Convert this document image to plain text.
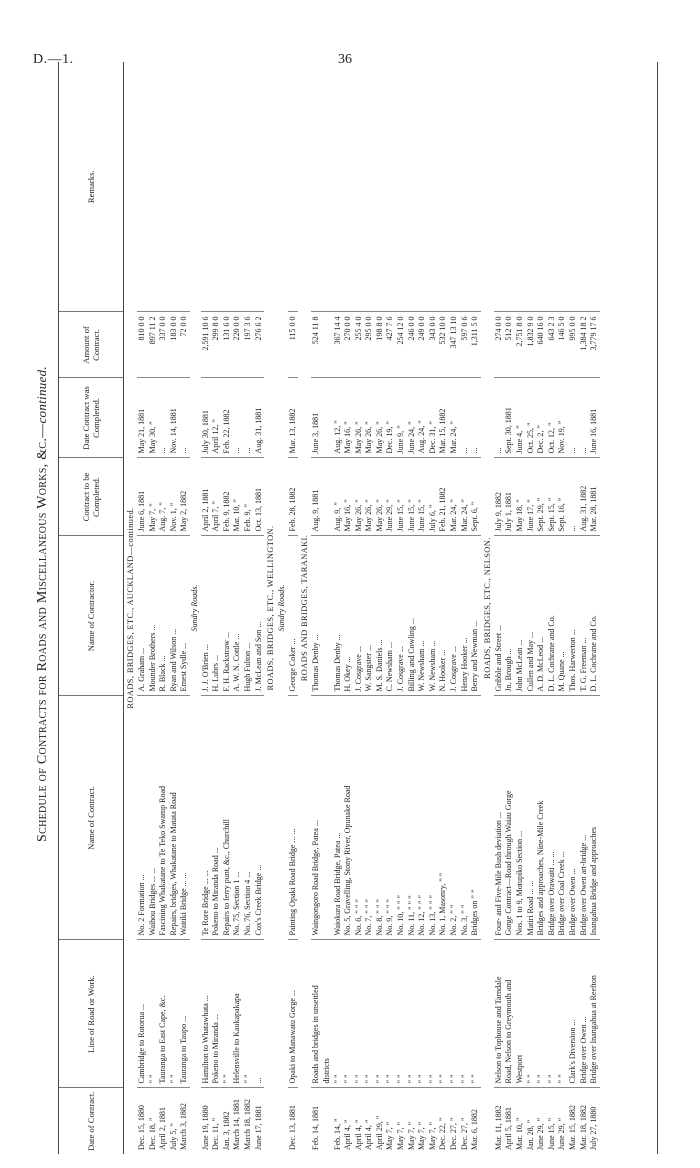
D.—1.	36
Schedule of Contracts for Roads and Miscellaneous Works, &c.—continued.
Date of Contract.	Line of Road or Work.	Name of Contract.	Name of Contractor.	Contract to be Completed.	Date Contract was Completed.	Amount of Contract.	Remarks.
ROADS, BRIDGES, ETC., AUCKLAND—continued.							
Dec. 15, 1880	Cambridge to Rotorua ...	No. 2 Formation ...	A. Graham ...	June 6, 1881	May 21, 1881	810 0 0	
Dec. 18, ”	” ”	Waihou Bridges ... ...	Mounder Brothers ...	May 7, ”	May 30, ”	897 11 2	
April 2, 1881	Tauranga to East Cape, &c.	Fascining Whakatane to Te Teko Swamp Road	R. Black ...	Aug. 7, ”	...	337 0 0	
July 5, ”	” ”	Repairs, bridges, Whakatane to Matata Road	Ryan and Wilson ...	Nov. 1, ”	Nov. 14, 1881	183 0 0	
March 3, 1882	Tauranga to Taupo ...	Waitiki Bridge ... ...	Ernest Sydle ...	May 2, 1882	...	72 0 0	
Sundry Roads.							
June 19, 1880	Hamilton to Whatawhata ...	Te Rore Bridge ... ...	J. J. O'Brien ...	April 2, 1881	July 30, 1881	2,591 10 6	
Dec. 11, ”	Pokeno to Miranda ...	Pokeno to Miranda Road ...	H. Lubrs ...	April 7, ”	April 12, ”	299 8 0	
Jan. 3, 1882	” ”	Repairs to ferry punt, &c., Churchill	F. H. Rackstraw ...	Feb. 9, 1882	Feb. 22, 1882	131 6 0	
March 14, 1881	Helensville to Kaukapakapa	No. 75, Section 1 ...	A. W. N. Cottle ...	Mar. 10, ”	...	220 0 0	
March 18, 1882	” ”	No. 76, Section 4 ...	Hugh Fulton ...	Feb. 9, ”	...	197 3 6	
June 17, 1881	...	Cox's Creek Bridge ...	J. McLean and Son ...	Oct. 13, 1881	Aug. 31, 1881	276 6 2	
ROADS, BRIDGES, ETC., WELLINGTON.							
Sundry Roads.							
Dec. 13, 1881	Opaki to Manawatu Gorge ...	Painting Opaki Road Bridge ... ...	George Coker ...	Feb. 28, 1882	Mar. 13, 1882	115 0 0	
ROADS AND BRIDGES, TARANAKI.							
Feb. 14, 1881	Roads and bridges in unsettled	Waingongoro Road Bridge, Patea ...	Thomas Denby ...	Aug. 9, 1881	June 3, 1881	524 11 8	
	districts						
Feb. 14, ”	” ”	Waiokura Road Bridge, Patea ...	Thomas Denby ...	Aug. 9, ”	Aug. 12, ”	367 14 4	
April 4, ”	” ”	No. 5, Gravelling, Stony River, Opunake Road	H. Okey ...	May 16, ”	May 16, ”	270 0 0	
April 4, ”	” ”	No. 6, ” ” ”	J. Cosgrave ...	May 26, ”	May 26, ”	255 4 0	
April 4, ”	” ”	No. 7, ” ” ”	W. Sangster ...	May 26, ”	May 26, ”	295 0 0	
April 29, ”	” ”	No. 8, ” ” ”	M. S. Daniels ...	May 26, ”	May 26, ”	198 8 0	
May 7, ”	” ”	No. 9, ” ” ”	C. Newsham ...	June 29, ”	Dec. 19, ”	427 7 6	
May 7, ”	” ”	No. 10, ” ” ”	J. Cosgrave ...	June 15, ”	June 9, ”	254 12 0	
May 7, ”	” ”	No. 11, ” ” ”	Billing and Cowling ...	June 15, ”	June 24, ”	246 0 0	
May 7, ”	” ”	No. 12, ” ” ”	W. Newsham ...	June 15, ”	Aug. 24, ”	249 0 0	
May 7, ”	” ”	No. 13, ” ” ”	W. Newsham ...	July 6, ”	Dec. 31, ”	343 0 0	
Dec. 22, ”	” ”	No. 1, Masonry, ” ”	N. Hooker ...	Feb. 21, 1882	Mar. 15, 1882	532 10 0	
Dec. 27, ”	” ”	No. 2, ” ”	J. Cosgrave ...	Mar. 24, ”	Mar. 24, ”	347 13 10	
Dec. 27, ”	” ”	No. 3, ” ”	Henry Hooker ...	Mar. 24, ”	...	597 0 6	
Mar. 6, 1882	” ”	Bridges on ” ”	Berry and Newman ...	Sept. 6, ”	...	1,311 5 0	
ROADS, BRIDGES, ETC., NELSON.							
Mar. 11, 1882	Nelson to Tophouse and Tarndale	Four- and Five-Mile Bush deviation ...	Gribble and Street ...	July 9, 1882	...	274 0 0	
April 5, 1881	Road, Nelson to Greymouth and	Gorge Contract—Road through Waiau Gorge	Jn. Brough ...	July 1, 1881	Sept. 30, 1881	512 0 0	
Mar. 10, ”	Westport	Nos. 1 to 9, Motupiko Section ...	John McLean ...	May 18, ”	June 4, ”	2,751 8 0	
Jan. 28, ”	” ”	Matiri Road ... ...	Cullen and May ...	June 17, ”	Oct. 25, ”	1,832 9 0	
June 29, ”	” ”	Bridges and approaches, Nine-Mile Creek	A. D. McLeod ...	Sept. 29, ”	Dec. 2, ”	640 16 0	
June 15, ”	” ”	Bridge over Orawaiti ... ...	D. L. Cochrane and Co.	Sept. 15, ”	Oct. 12, ”	643 2 3	
June 29, ”	” ”	Bridge over Coal Creek ...	M. Quane ...	Sept. 16, ”	Nov. 19, ”	146 5 0	
Mar. 15, 1882	Clark's Diversion ...	Bridge over Owen ...	Thos. Harwerton ...	...	...	995 0 0	
Mar. 18, 1882	Bridge over Owen ...	Bridge over Owen art-bridge ...	T. G. Freeman ...	Aug. 31, 1882	...	1,384 18 2	
July 27, 1880	Bridge over Inangahua at Reefton	Inangahua Bridge and approaches	D. L. Cochrane and Co.	Mar. 28, 1881	June 16, 1881	3,779 17 6	
